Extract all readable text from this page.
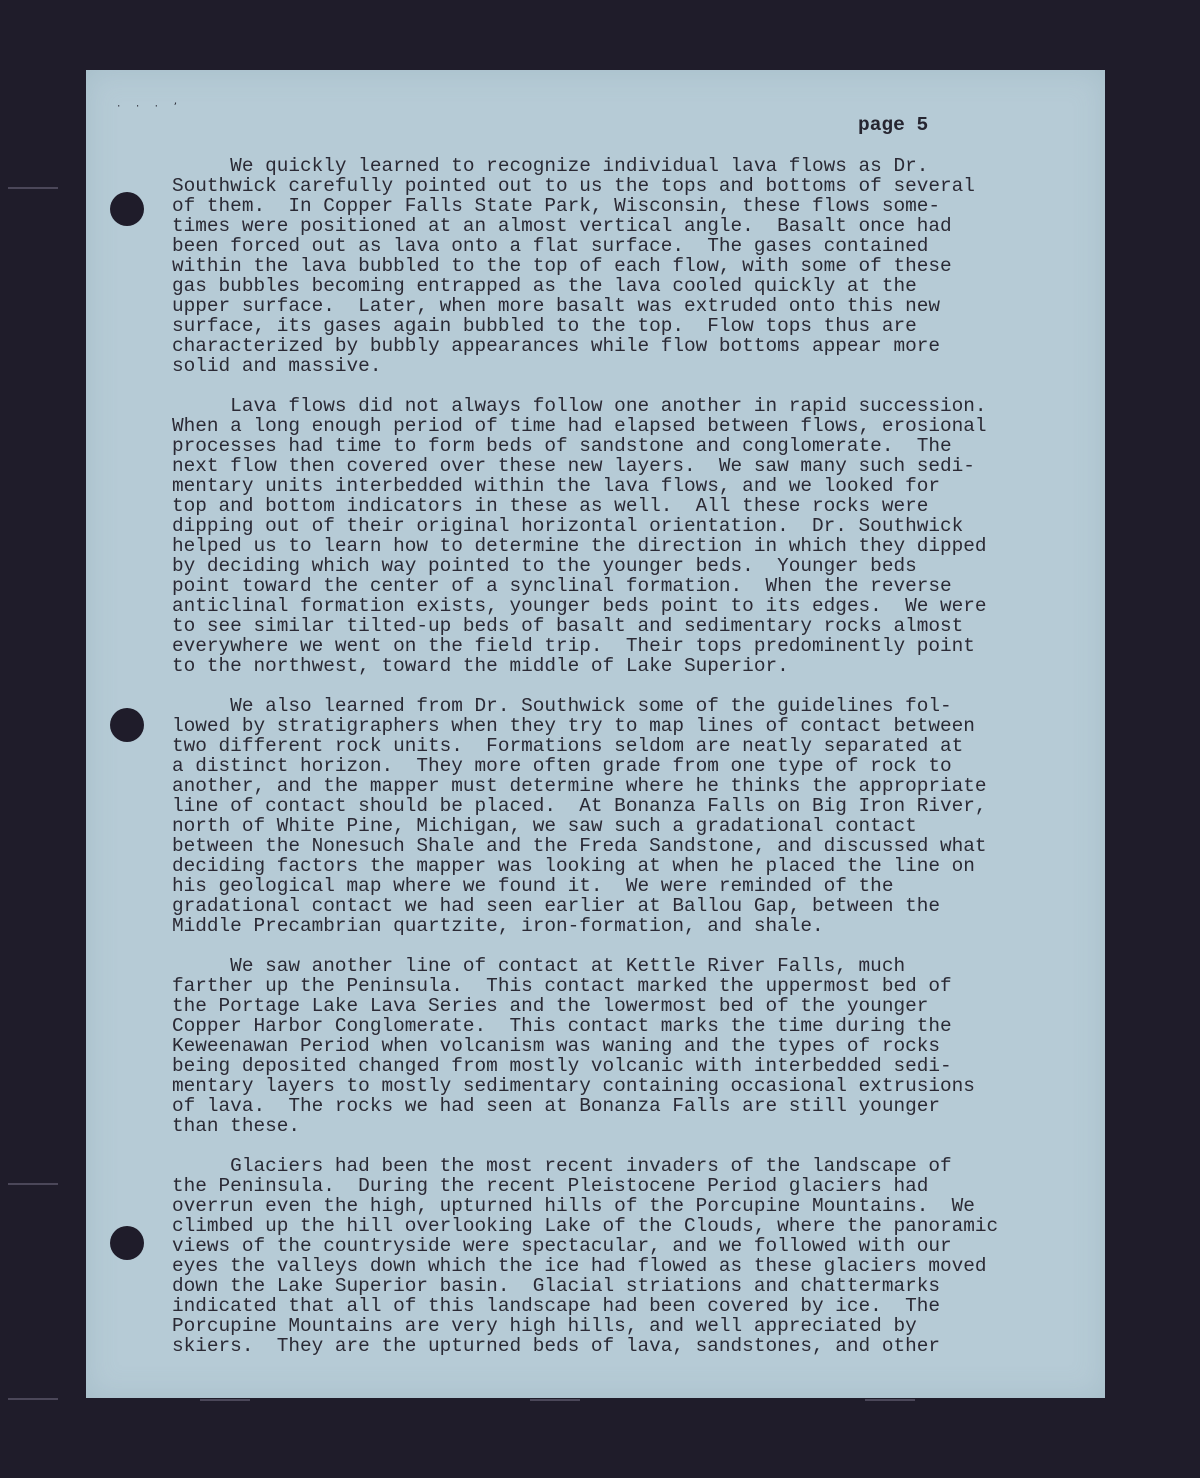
· · · ʼ
page 5
We quickly learned to recognize individual lava flows as Dr.
Southwick carefully pointed out to us the tops and bottoms of several
of them.  In Copper Falls State Park, Wisconsin, these flows some-
times were positioned at an almost vertical angle.  Basalt once had
been forced out as lava onto a flat surface.  The gases contained
within the lava bubbled to the top of each flow, with some of these
gas bubbles becoming entrapped as the lava cooled quickly at the
upper surface.  Later, when more basalt was extruded onto this new
surface, its gases again bubbled to the top.  Flow tops thus are
characterized by bubbly appearances while flow bottoms appear more
solid and massive.
Lava flows did not always follow one another in rapid succession.
When a long enough period of time had elapsed between flows, erosional
processes had time to form beds of sandstone and conglomerate.  The
next flow then covered over these new layers.  We saw many such sedi-
mentary units interbedded within the lava flows, and we looked for
top and bottom indicators in these as well.  All these rocks were
dipping out of their original horizontal orientation.  Dr. Southwick
helped us to learn how to determine the direction in which they dipped
by deciding which way pointed to the younger beds.  Younger beds
point toward the center of a synclinal formation.  When the reverse
anticlinal formation exists, younger beds point to its edges.  We were
to see similar tilted-up beds of basalt and sedimentary rocks almost
everywhere we went on the field trip.  Their tops predominently point
to the northwest, toward the middle of Lake Superior.
We also learned from Dr. Southwick some of the guidelines fol-
lowed by stratigraphers when they try to map lines of contact between
two different rock units.  Formations seldom are neatly separated at
a distinct horizon.  They more often grade from one type of rock to
another, and the mapper must determine where he thinks the appropriate
line of contact should be placed.  At Bonanza Falls on Big Iron River,
north of White Pine, Michigan, we saw such a gradational contact
between the Nonesuch Shale and the Freda Sandstone, and discussed what
deciding factors the mapper was looking at when he placed the line on
his geological map where we found it.  We were reminded of the
gradational contact we had seen earlier at Ballou Gap, between the
Middle Precambrian quartzite, iron-formation, and shale.
We saw another line of contact at Kettle River Falls, much
farther up the Peninsula.  This contact marked the uppermost bed of
the Portage Lake Lava Series and the lowermost bed of the younger
Copper Harbor Conglomerate.  This contact marks the time during the
Keweenawan Period when volcanism was waning and the types of rocks
being deposited changed from mostly volcanic with interbedded sedi-
mentary layers to mostly sedimentary containing occasional extrusions
of lava.  The rocks we had seen at Bonanza Falls are still younger
than these.
Glaciers had been the most recent invaders of the landscape of
the Peninsula.  During the recent Pleistocene Period glaciers had
overrun even the high, upturned hills of the Porcupine Mountains.  We
climbed up the hill overlooking Lake of the Clouds, where the panoramic
views of the countryside were spectacular, and we followed with our
eyes the valleys down which the ice had flowed as these glaciers moved
down the Lake Superior basin.  Glacial striations and chattermarks
indicated that all of this landscape had been covered by ice.  The
Porcupine Mountains are very high hills, and well appreciated by
skiers.  They are the upturned beds of lava, sandstones, and other
